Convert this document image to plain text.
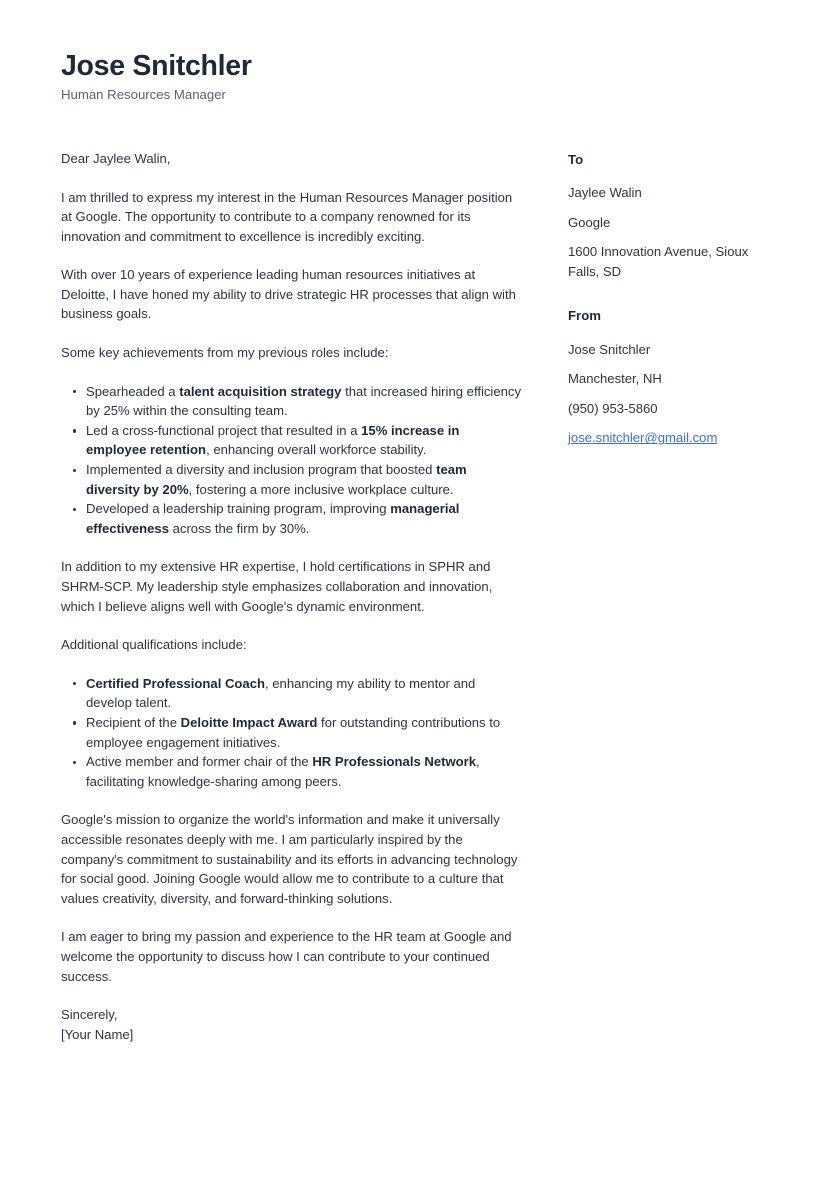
Jose Snitchler
Human Resources Manager

Dear Jaylee Walin,

I am thrilled to express my interest in the Human Resources Manager position at Google. The opportunity to contribute to a company renowned for its innovation and commitment to excellence is incredibly exciting.

With over 10 years of experience leading human resources initiatives at Deloitte, I have honed my ability to drive strategic HR processes that align with business goals.

Some key achievements from my previous roles include:

Spearheaded a talent acquisition strategy that increased hiring efficiency by 25% within the consulting team.
Led a cross-functional project that resulted in a 15% increase in employee retention, enhancing overall workforce stability.
Implemented a diversity and inclusion program that boosted team diversity by 20%, fostering a more inclusive workplace culture.
Developed a leadership training program, improving managerial effectiveness across the firm by 30%.

In addition to my extensive HR expertise, I hold certifications in SPHR and SHRM-SCP. My leadership style emphasizes collaboration and innovation, which I believe aligns well with Google's dynamic environment.

Additional qualifications include:

Certified Professional Coach, enhancing my ability to mentor and develop talent.
Recipient of the Deloitte Impact Award for outstanding contributions to employee engagement initiatives.
Active member and former chair of the HR Professionals Network, facilitating knowledge-sharing among peers.

Google's mission to organize the world's information and make it universally accessible resonates deeply with me. I am particularly inspired by the company's commitment to sustainability and its efforts in advancing technology for social good. Joining Google would allow me to contribute to a culture that values creativity, diversity, and forward-thinking solutions.

I am eager to bring my passion and experience to the HR team at Google and welcome the opportunity to discuss how I can contribute to your continued success.

Sincerely,
[Your Name]
To
Jaylee Walin
Google
1600 Innovation Avenue, Sioux Falls, SD
From
Jose Snitchler
Manchester, NH
(950) 953-5860
jose.snitchler@gmail.com
